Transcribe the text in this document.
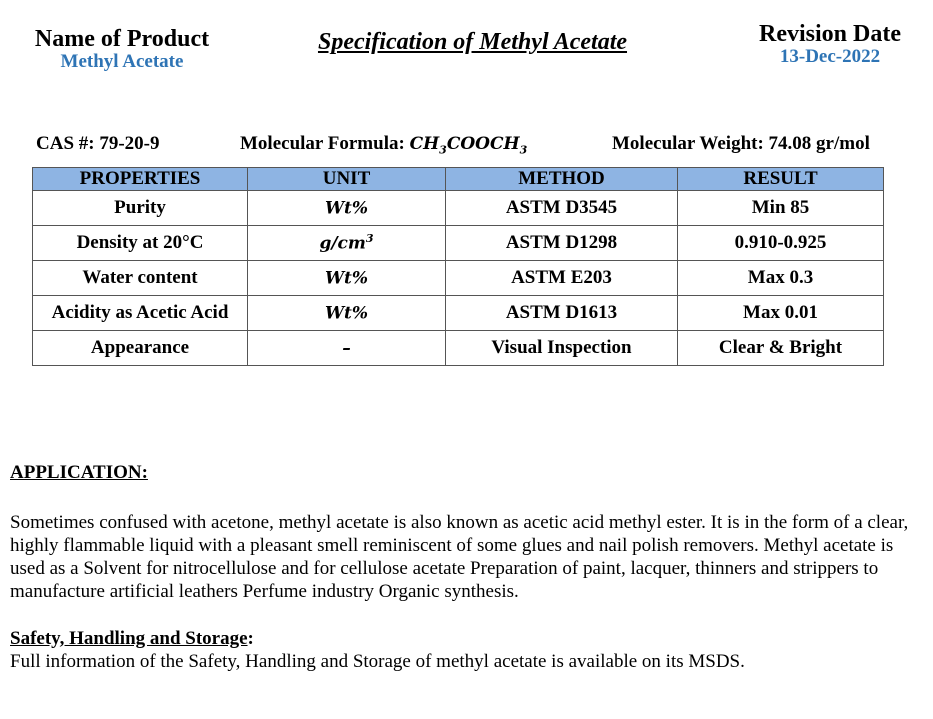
Name of Product
Methyl Acetate
Specification of Methyl Acetate	Revision Date
13-Dec-2022
CAS #: 79-20-9	Molecular Formula: $CH_3COOCH_3$	Molecular Weight: 74.08 gr/mol
PROPERTIES	UNIT	METHOD	RESULT
Purity	Wt%	ASTM D3545	Min 85
Density at 20°C	$g/cm^3$	ASTM D1298	0.910-0.925
Water content	Wt%	ASTM E203	Max 0.3
Acidity as Acetic Acid	Wt%	ASTM D1613	Max 0.01
Appearance	–	Visual Inspection	Clear & Bright
APPLICATION:
Sometimes confused with acetone, methyl acetate is also known as acetic acid methyl ester. It is in the form of a clear, highly flammable liquid with a pleasant smell reminiscent of some glues and nail polish removers. Methyl acetate is used as a Solvent for nitrocellulose and for cellulose acetate Preparation of paint, lacquer, thinners and strippers to manufacture artificial leathers Perfume industry Organic synthesis.
Safety, Handling and Storage:
Full information of the Safety, Handling and Storage of methyl acetate is available on its MSDS.
